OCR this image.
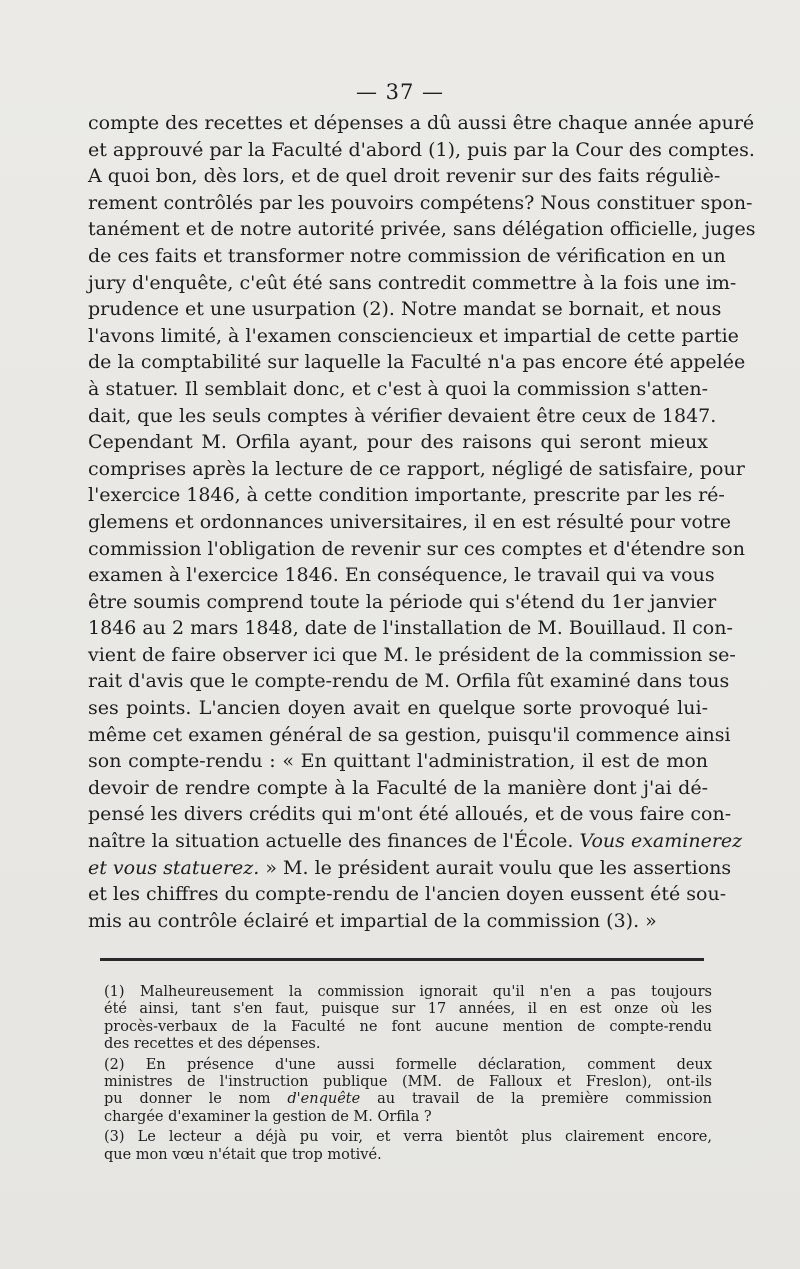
— 37 —
compte des recettes et dépenses a dû aussi être chaque année apuré
et approuvé par la Faculté d'abord (1), puis par la Cour des comptes.
A quoi bon, dès lors, et de quel droit revenir sur des faits réguliè-
rement contrôlés par les pouvoirs compétens? Nous constituer spon-
tanément et de notre autorité privée, sans délégation officielle, juges
de ces faits et transformer notre commission de vérification en un
jury d'enquête, c'eût été sans contredit commettre à la fois une im-
prudence et une usurpation (2). Notre mandat se bornait, et nous
l'avons limité, à l'examen consciencieux et impartial de cette partie
de la comptabilité sur laquelle la Faculté n'a pas encore été appelée
à statuer. Il semblait donc, et c'est à quoi la commission s'atten-
dait, que les seuls comptes à vérifier devaient être ceux de 1847.
Cependant M. Orfila ayant, pour des raisons qui seront mieux
comprises après la lecture de ce rapport, négligé de satisfaire, pour
l'exercice 1846, à cette condition importante, prescrite par les ré-
glemens et ordonnances universitaires, il en est résulté pour votre
commission l'obligation de revenir sur ces comptes et d'étendre son
examen à l'exercice 1846. En conséquence, le travail qui va vous
être soumis comprend toute la période qui s'étend du 1er janvier
1846 au 2 mars 1848, date de l'installation de M. Bouillaud. Il con-
vient de faire observer ici que M. le président de la commission se-
rait d'avis que le compte-rendu de M. Orfila fût examiné dans tous
ses points. L'ancien doyen avait en quelque sorte provoqué lui-
même cet examen général de sa gestion, puisqu'il commence ainsi
son compte-rendu : « En quittant l'administration, il est de mon
devoir de rendre compte à la Faculté de la manière dont j'ai dé-
pensé les divers crédits qui m'ont été alloués, et de vous faire con-
naître la situation actuelle des finances de l'École. Vous examinerez
et vous statuerez. » M. le président aurait voulu que les assertions
et les chiffres du compte-rendu de l'ancien doyen eussent été sou-
mis au contrôle éclairé et impartial de la commission (3). »
(1) Malheureusement la commission ignorait qu'il n'en a pas toujours
été ainsi, tant s'en faut, puisque sur 17 années, il en est onze où les
procès-verbaux de la Faculté ne font aucune mention de compte-rendu
des recettes et des dépenses.
(2) En présence d'une aussi formelle déclaration, comment deux
ministres de l'instruction publique (MM. de Falloux et Freslon), ont-ils
pu donner le nom d'enquête au travail de la première commission
chargée d'examiner la gestion de M. Orfila ?
(3) Le lecteur a déjà pu voir, et verra bientôt plus clairement encore,
que mon vœu n'était que trop motivé.
